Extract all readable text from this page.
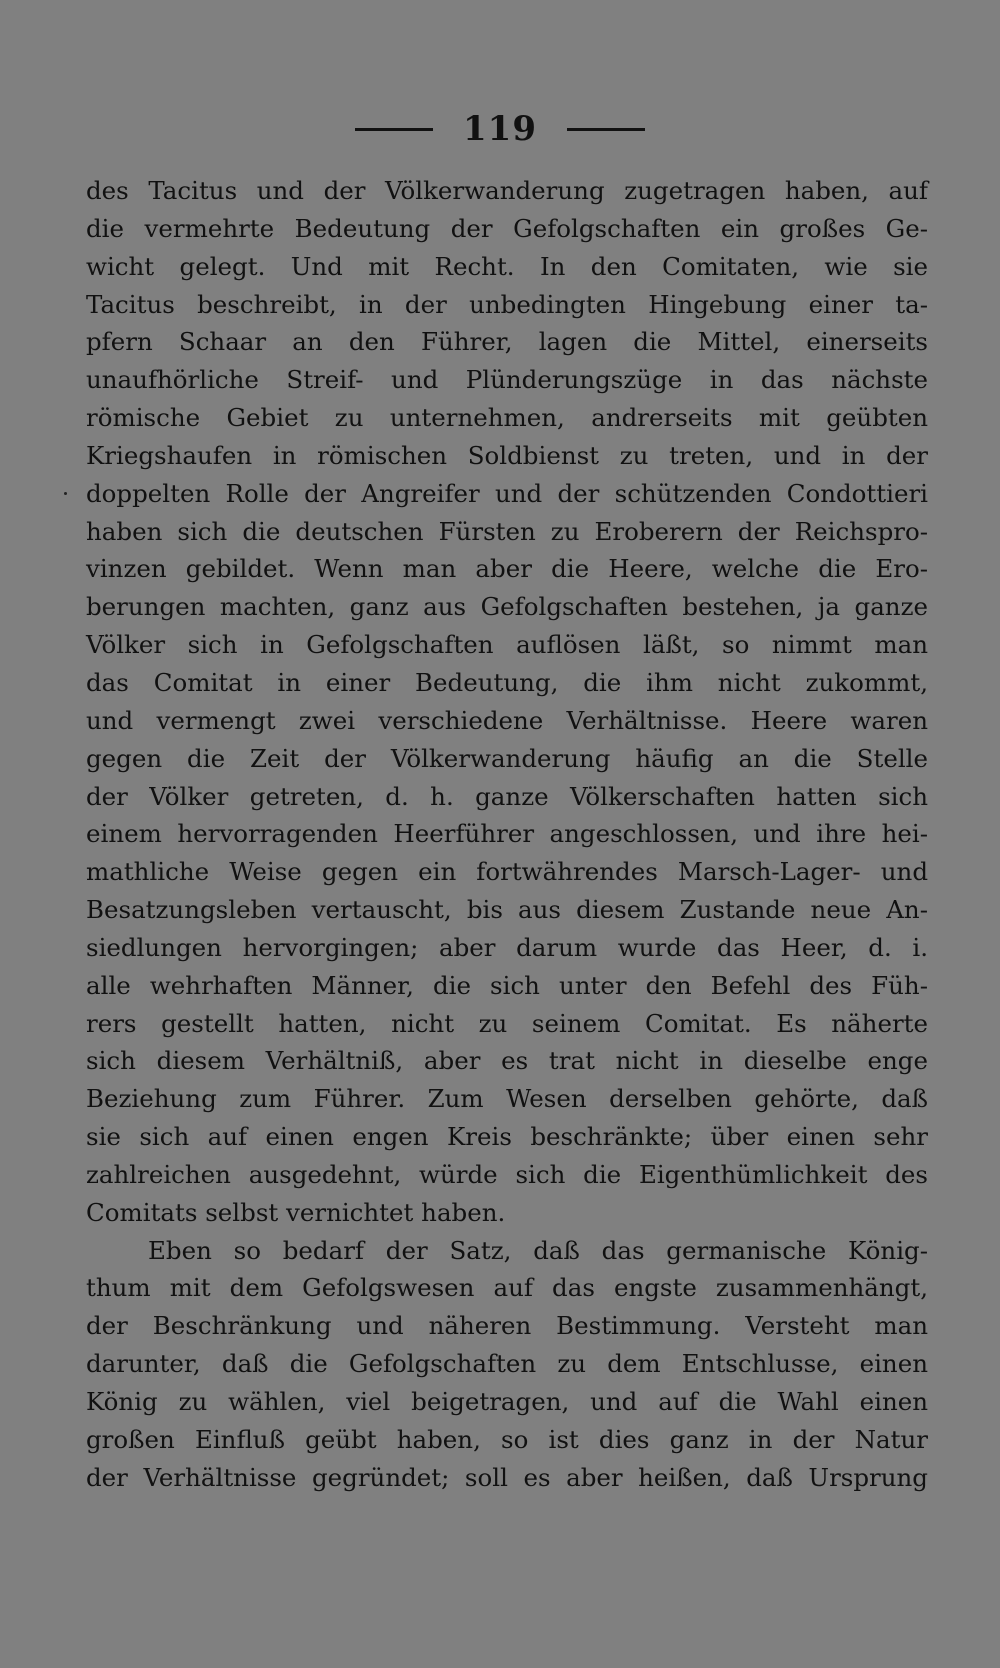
119
des Tacitus und der Völkerwanderung zugetragen haben, auf
die vermehrte Bedeutung der Gefolgschaften ein großes Ge-
wicht gelegt. Und mit Recht. In den Comitaten, wie sie
Tacitus beschreibt, in der unbedingten Hingebung einer ta-
pfern Schaar an den Führer, lagen die Mittel, einerseits
unaufhörliche Streif- und Plünderungszüge in das nächste
römische Gebiet zu unternehmen, andrerseits mit geübten
Kriegshaufen in römischen Soldbienst zu treten, und in der
doppelten Rolle der Angreifer und der schützenden Condottieri
haben sich die deutschen Fürsten zu Eroberern der Reichspro-
vinzen gebildet. Wenn man aber die Heere, welche die Ero-
berungen machten, ganz aus Gefolgschaften bestehen, ja ganze
Völker sich in Gefolgschaften auflösen läßt, so nimmt man
das Comitat in einer Bedeutung, die ihm nicht zukommt,
und vermengt zwei verschiedene Verhältnisse. Heere waren
gegen die Zeit der Völkerwanderung häufig an die Stelle
der Völker getreten, d. h. ganze Völkerschaften hatten sich
einem hervorragenden Heerführer angeschlossen, und ihre hei-
mathliche Weise gegen ein fortwährendes Marsch-Lager- und
Besatzungsleben vertauscht, bis aus diesem Zustande neue An-
siedlungen hervorgingen; aber darum wurde das Heer, d. i.
alle wehrhaften Männer, die sich unter den Befehl des Füh-
rers gestellt hatten, nicht zu seinem Comitat. Es näherte
sich diesem Verhältniß, aber es trat nicht in dieselbe enge
Beziehung zum Führer. Zum Wesen derselben gehörte, daß
sie sich auf einen engen Kreis beschränkte; über einen sehr
zahlreichen ausgedehnt, würde sich die Eigenthümlichkeit des
Comitats selbst vernichtet haben.
Eben so bedarf der Satz, daß das germanische König-
thum mit dem Gefolgswesen auf das engste zusammenhängt,
der Beschränkung und näheren Bestimmung. Versteht man
darunter, daß die Gefolgschaften zu dem Entschlusse, einen
König zu wählen, viel beigetragen, und auf die Wahl einen
großen Einfluß geübt haben, so ist dies ganz in der Natur
der Verhältnisse gegründet; soll es aber heißen, daß Ursprung
